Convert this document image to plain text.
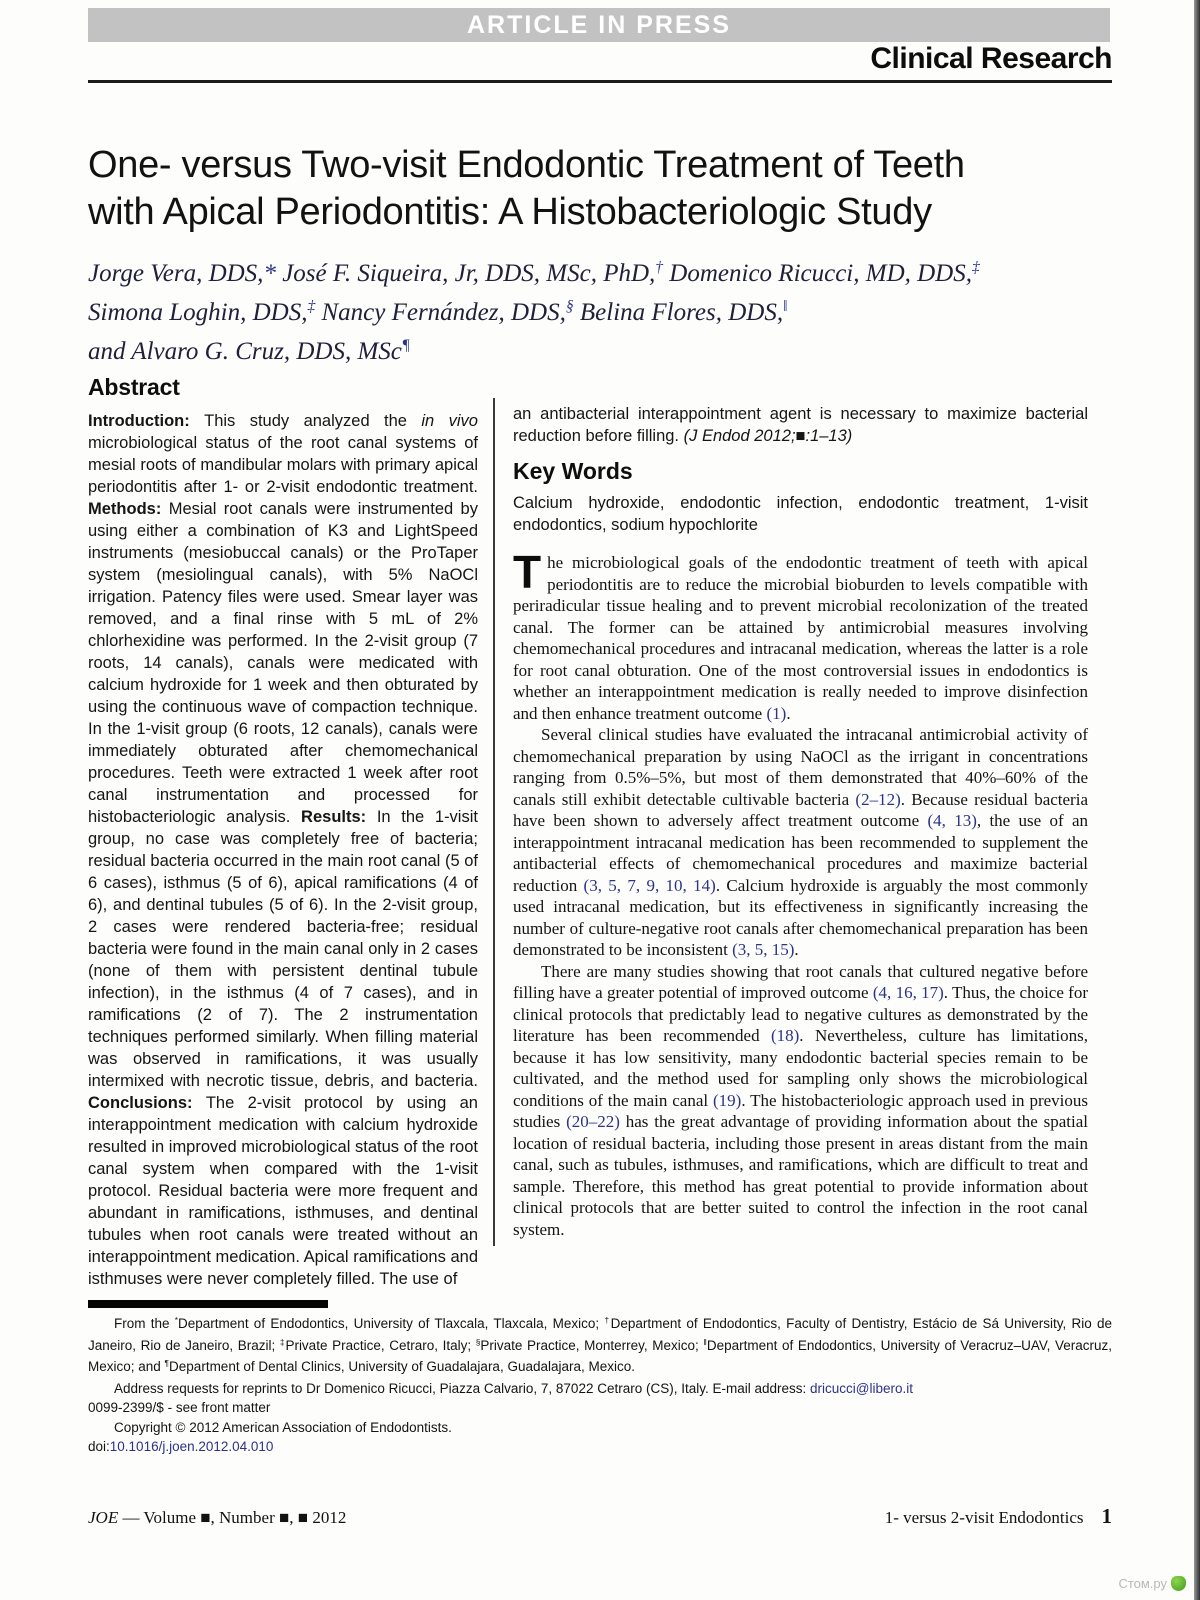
ARTICLE IN PRESS
Clinical Research
One- versus Two-visit Endodontic Treatment of Teeth
with Apical Periodontitis: A Histobacteriologic Study
Jorge Vera, DDS,* José F. Siqueira, Jr, DDS, MSc, PhD,† Domenico Ricucci, MD, DDS,‡
Simona Loghin, DDS,‡ Nancy Fernández, DDS,§ Belina Flores, DDS,‖
and Alvaro G. Cruz, DDS, MSc¶
Abstract

Introduction: This study analyzed the in vivo microbiological status of the root canal systems of mesial roots of mandibular molars with primary apical periodontitis after 1- or 2-visit endodontic treatment. Methods: Mesial root canals were instrumented by using either a combination of K3 and LightSpeed instruments (mesiobuccal canals) or the ProTaper system (mesiolingual canals), with 5% NaOCl irrigation. Patency files were used. Smear layer was removed, and a final rinse with 5 mL of 2% chlorhexidine was performed. In the 2-visit group (7 roots, 14 canals), canals were medicated with calcium hydroxide for 1 week and then obturated by using the continuous wave of compaction technique. In the 1-visit group (6 roots, 12 canals), canals were immediately obturated after chemomechanical procedures. Teeth were extracted 1 week after root canal instrumentation and processed for histobacteriologic analysis. Results: In the 1-visit group, no case was completely free of bacteria; residual bacteria occurred in the main root canal (5 of 6 cases), isthmus (5 of 6), apical ramifications (4 of 6), and dentinal tubules (5 of 6). In the 2-visit group, 2 cases were rendered bacteria-free; residual bacteria were found in the main canal only in 2 cases (none of them with persistent dentinal tubule infection), in the isthmus (4 of 7 cases), and in ramifications (2 of 7). The 2 instrumentation techniques performed similarly. When filling material was observed in ramifications, it was usually intermixed with necrotic tissue, debris, and bacteria. Conclusions: The 2-visit protocol by using an interappointment medication with calcium hydroxide resulted in improved microbiological status of the root canal system when compared with the 1-visit protocol. Residual bacteria were more frequent and abundant in ramifications, isthmuses, and dentinal tubules when root canals were treated without an interappointment medication. Apical ramifications and isthmuses were never completely filled. The use of

an antibacterial interappointment agent is necessary to maximize bacterial reduction before filling. (J Endod 2012;■:1–13)

Key Words

Calcium hydroxide, endodontic infection, endodontic treatment, 1-visit endodontics, sodium hypochlorite

The microbiological goals of the endodontic treatment of teeth with apical periodontitis are to reduce the microbial bioburden to levels compatible with periradicular tissue healing and to prevent microbial recolonization of the treated canal. The former can be attained by antimicrobial measures involving chemomechanical procedures and intracanal medication, whereas the latter is a role for root canal obturation. One of the most controversial issues in endodontics is whether an interappointment medication is really needed to improve disinfection and then enhance treatment outcome (1).

Several clinical studies have evaluated the intracanal antimicrobial activity of chemomechanical preparation by using NaOCl as the irrigant in concentrations ranging from 0.5%–5%, but most of them demonstrated that 40%–60% of the canals still exhibit detectable cultivable bacteria (2–12). Because residual bacteria have been shown to adversely affect treatment outcome (4, 13), the use of an interappointment intracanal medication has been recommended to supplement the antibacterial effects of chemomechanical procedures and maximize bacterial reduction (3, 5, 7, 9, 10, 14). Calcium hydroxide is arguably the most commonly used intracanal medication, but its effectiveness in significantly increasing the number of culture-negative root canals after chemomechanical preparation has been demonstrated to be inconsistent (3, 5, 15).

There are many studies showing that root canals that cultured negative before filling have a greater potential of improved outcome (4, 16, 17). Thus, the choice for clinical protocols that predictably lead to negative cultures as demonstrated by the literature has been recommended (18). Nevertheless, culture has limitations, because it has low sensitivity, many endodontic bacterial species remain to be cultivated, and the method used for sampling only shows the microbiological conditions of the main canal (19). The histobacteriologic approach used in previous studies (20–22) has the great advantage of providing information about the spatial location of residual bacteria, including those present in areas distant from the main canal, such as tubules, isthmuses, and ramifications, which are difficult to treat and sample. Therefore, this method has great potential to provide information about clinical protocols that are better suited to control the infection in the root canal system.

From the *Department of Endodontics, University of Tlaxcala, Tlaxcala, Mexico; †Department of Endodontics, Faculty of Dentistry, Estácio de Sá University, Rio de Janeiro, Rio de Janeiro, Brazil; ‡Private Practice, Cetraro, Italy; §Private Practice, Monterrey, Mexico; ‖Department of Endodontics, University of Veracruz–UAV, Veracruz, Mexico; and ¶Department of Dental Clinics, University of Guadalajara, Guadalajara, Mexico.

Address requests for reprints to Dr Domenico Ricucci, Piazza Calvario, 7, 87022 Cetraro (CS), Italy. E-mail address: dricucci@libero.it

0099-2399/$ - see front matter

Copyright © 2012 American Association of Endodontists.

doi:10.1016/j.joen.2012.04.010

JOE — Volume ■, Number ■, ■ 2012	1- versus 2-visit Endodontics 1
Стом.ру
